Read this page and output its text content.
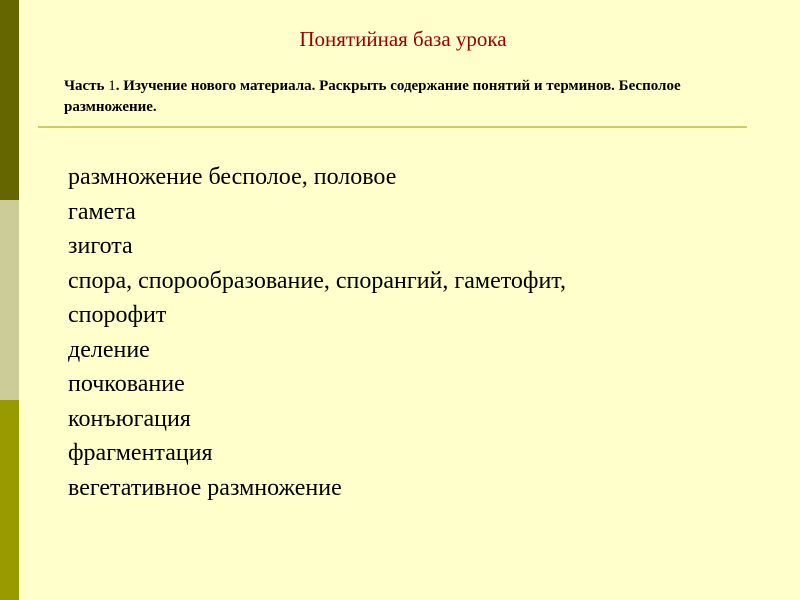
Понятийная база урока
Часть 1. Изучение нового материала. Раскрыть содержание понятий и терминов. Бесполое размножение.
размножение бесполое, половое
гамета
зигота
спора, спорообразование, спорангий, гаметофит,
спорофит
деление
почкование
конъюгация
фрагментация
вегетативное размножение
